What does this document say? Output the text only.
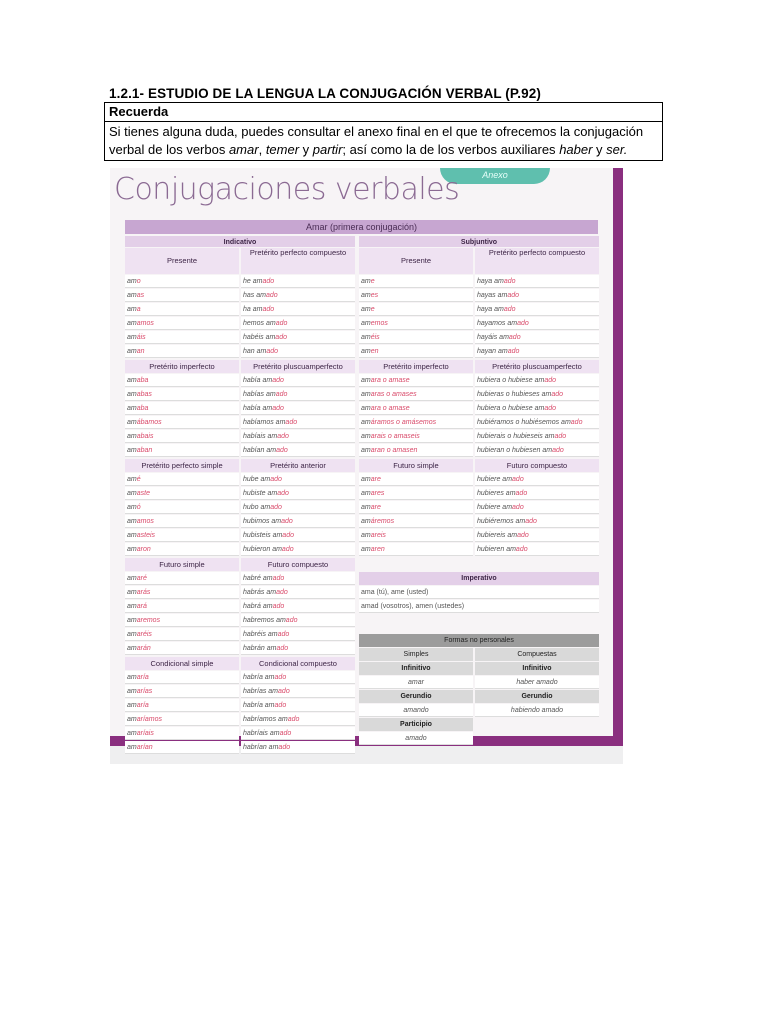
1.2.1- ESTUDIO DE LA LENGUA LA CONJUGACIÓN VERBAL (P.92)
Recuerda
Si tienes alguna duda, puedes consultar el anexo final en el que te ofrecemos la conjugación verbal de los verbos amar, temer y partir; así como la de los verbos auxiliares haber y ser.
Anexo
Conjugaciones verbales
Amar (primera conjugación)
Indicativo	Subjuntivo
Presente
Pretérito perfecto compuesto
amo	he amado
amas	has amado
ama	ha amado
amamos	hemos amado
amáis	habéis amado
aman	han amado
Pretérito imperfecto	Pretérito pluscuamperfecto
amaba	había amado
amabas	habías amado
amaba	había amado
amábamos	habíamos amado
amabais	habíais amado
amaban	habían amado
Pretérito perfecto simple	Pretérito anterior
amé	hube amado
amaste	hubiste amado
amó	hubo amado
amamos	hubimos amado
amasteis	hubisteis amado
amaron	hubieron amado
Futuro simple	Futuro compuesto
amaré	habré amado
amarás	habrás amado
amará	habrá amado
amaremos	habremos amado
amaréis	habréis amado
amarán	habrán amado
Condicional simple	Condicional compuesto
amaría	habría amado
amarías	habrías amado
amaría	habría amado
amaríamos	habríamos amado
amaríais	habríais amado
amarían	habrían amado
Presente
Pretérito perfecto compuesto
ame	haya amado
ames	hayas amado
ame	haya amado
amemos	hayamos amado
améis	hayáis amado
amen	hayan amado
Pretérito imperfecto	Pretérito pluscuamperfecto
amara o amase	hubiera o hubiese amado
amaras o amases	hubieras o hubieses amado
amara o amase	hubiera o hubiese amado
amáramos o amásemos	hubiéramos o hubiésemos amado
amarais o amaseis	hubierais o hubieseis amado
amaran o amasen	hubieran o hubiesen amado
Futuro simple	Futuro compuesto
amare	hubiere amado
amares	hubieres amado
amare	hubiere amado
amáremos	hubiéremos amado
amareis	hubiereis amado
amaren	hubieren amado
Imperativo
ama (tú), ame (usted)
amad (vosotros), amen (ustedes)
Formas no personales
Simples	Compuestas
Infinitivo	Infinitivo
amar	haber amado
Gerundio	Gerundio
amando	habiendo amado
Participio
amado
